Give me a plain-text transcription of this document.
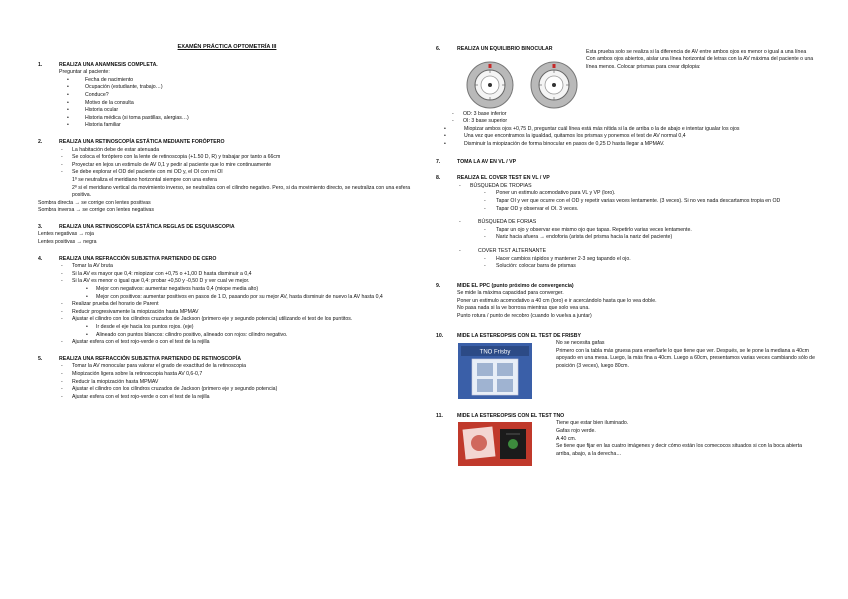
EXAMÉN PRÁCTICA OPTOMETRÍA III
1.	REALIZA UNA ANAMNESIS COMPLETA.

Preguntar al paciente:

• Fecha de nacimiento
• Ocupación (estudiante, trabajo…)
• Conduce?
• Motivo de la consulta
• Historia ocular
• Historia médica (si toma pastillas, alergias…)
• Historia familiar
2.	REALIZA UNA RETINOSCOPÍA ESTÁTICA MEDIANTE FORÓPTERO
- La habitación debe de estar atenuada
- Se coloca el foróptero con la lente de retinoscopia (+1.50 D, R) y trabajar por tanto a 66cm
- Proyectar en lejos un estimulo de AV 0,1 y pedir al paciente que lo mire continuamente
- Se debe explorar el OD del paciente con mi OD y, el OI con mi OI

1º se neutraliza el meridiano horizontal siempre con una esfera

2º si el meridiano vertical da movimiento inverso, se neutraliza con el cilindro negativo. Pero, si da movimiento directo, se neutraliza con una esfera positiva.

Sombra directa → se corrige con lentes positivas

Sombra inversa → se corrige con lentes negativas

3.	REALIZA UNA RETINOSCOPÍA ESTÁTICA REGLAS DE ESQUIASCOPIA

Lentes negativas → roja

Lentes positivas → negra

4.	REALIZA UNA REFRACCIÓN SUBJETIVA PARTIENDO DE CERO
- Tomar la AV bruta
- Si la AV es mayor que 0,4: miopizar con +0,75 o +1,00 D hasta disminuir a 0,4
- Si la AV es menor o igual que 0,4: probar +0,50 y -0,50 D y ver cual ve mejor.
• Mejor con negativos: aumentar negativos hasta 0,4 (miope media alto)
• Mejor con positivos: aumentar positivos en pasos de 1 D, pasando por su mejor AV, hasta disminuir de nuevo la AV hasta 0,4
- Realizar prueba del horario de Parent
- Reducir progresivamente la miopización hasta MPMAV
- Ajustar el cilindro con los cilindros cruzados de Jackson (primero eje y segundo potencia) utilizando el test de los puntitos.
• Ir desde el eje hacia los puntos rojos. (eje)
• Alineado con puntos blancos: cilindro positivo, alineado con rojos: cilindro negativo.
- Ajustar esfera con el test rojo-verde o con el test de la rejilla
5.	REALIZA UNA REFRACCIÓN SUBJETIVA PARTIENDO DE RETINOSCOPÍA
- Tomar la AV monocular para valorar el grado de exactitud de la retinoscopia
- Miopización ligera sobre la retinoscopia hasta AV 0,6-0,7
- Reducir la miopización hasta MPMAV
- Ajustar el cilindro con los cilindros cruzados de Jackson (primero eje y segundo potencia)
- Ajustar esfera con el test rojo-verde o con el test de la rejilla
6.	REALIZA UN EQUILIBRIO BINOCULAR	Esta prueba solo se realiza si la diferencia de AV entre ambos ojos es menor o igual a una línea

Con ambos ojos abiertos, aislar una línea horizontal de letras con la AV máxima del paciente o una línea menos. Colocar prismas para crear diplopia:

- OD: 3 base inferior
- OI: 3 base superior
• Miopizar ambos ojos +0,75 D, preguntar cuál línea está más nítida si la de arriba o la de abajo e intentar igualar los ojos
• Una vez que encontramos la igualdad, quitamos los prismas y ponemos el test de AV normal 0,4
• Disminuir la miopización de forma binocular en pasos de 0,25 D hasta llegar a MPMAV.
7.	TOMA LA AV EN VL / VP
8.	REALIZA EL COVER TEST EN VL / VP
- BÚSQUEDA DE TROPIAS
- Poner un estimulo acomodativo para VL y VP (loro).
- Tapar OI y ver que ocurre con el OD y repetir varias veces lentamente. (3 veces). Si no ves nada descartamos tropia en OD
- Tapar OD y observar el OI. 3 veces.
- BÚSQUEDA DE FORIAS
- Tapar un ojo y observar ese mismo ojo que tapas. Repetirlo varias veces lentamente.
- Nariz hacia afuera → endoforia (arista del prisma hacia la nariz del paciente)
- COVER TEST ALTERNANTE
- Hacer cambios rápidos y mantener 2-3 seg tapando el ojo.
- Solución: colocar barra de prismas
9.	MIDE EL PPC (punto próximo de convergencia)

Se mide la máxima capacidad para converger.

Poner un estimulo acomodativo a 40 cm (loro) e ir acercándolo hasta que lo vea doble.

No pasa nada si la ve borrosa mientras que solo vea una.

Punto rotura / punto de recobro (cuando lo vuelva a juntar)

10.	MIDE LA ESTEREOPSIS CON EL TEST DE FRISBY
TNO Frisby

No se necesita gafas

Primero con la tabla más gruesa para enseñarle lo que tiene que ver. Después, se le pone la mediana a 40cm apoyado en una mesa. Luego, la más fina a 40cm. Luego a 60cm, presentamos varias veces cambiando sólo de posición (3 veces), luego 80cm.

11.	MIDE LA ESTEREOPSIS CON EL TEST TNO

Tiene que estar bien iluminado.

Gafas rojo verde.

A 40 cm.

Se tiene que fijar en las cuatro imágenes y decir cómo están los comecocos situados si con la boca abierta arriba, abajo, a la derecha…
